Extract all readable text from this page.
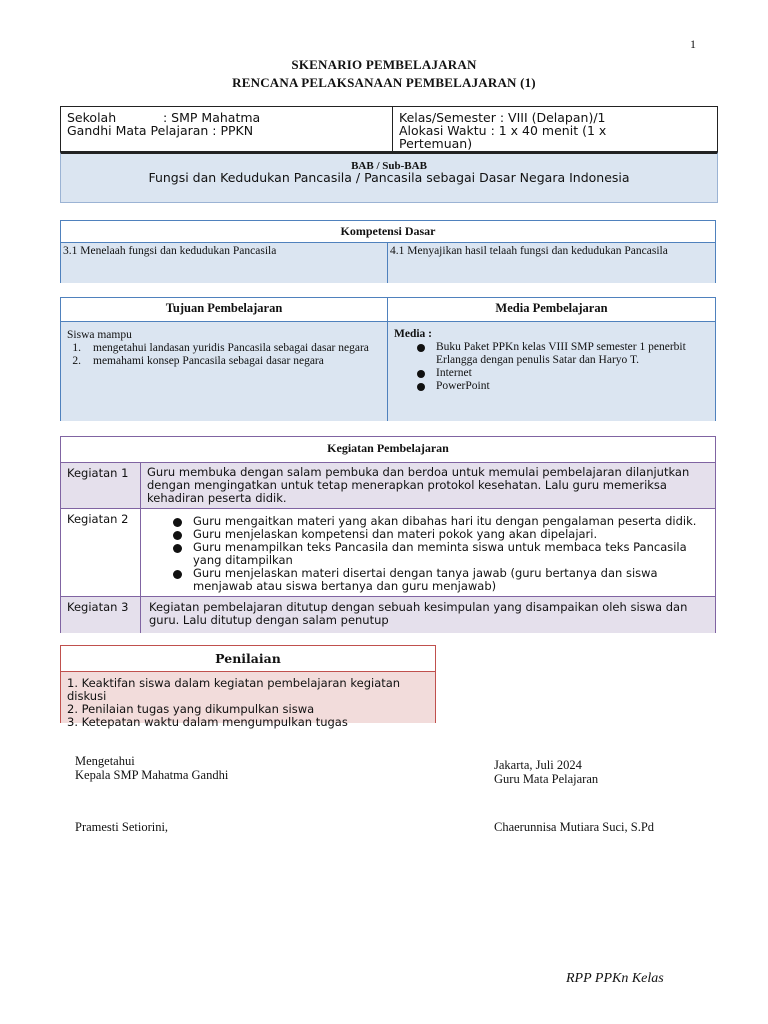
1
SKENARIO PEMBELAJARAN
RENCANA PELAKSANAAN PEMBELAJARAN (1)
Sekolah	: SMP Mahatma
Gandhi Mata Pelajaran : PPKN
Kelas/Semester : VIII (Delapan)/1
Alokasi Waktu : 1 x 40 menit (1 x
Pertemuan)
BAB / Sub-BAB
Fungsi dan Kedudukan Pancasila / Pancasila sebagai Dasar Negara Indonesia
Kompetensi Dasar
3.1 Menelaah fungsi dan kedudukan Pancasila	4.1 Menyajikan hasil telaah fungsi dan kedudukan Pancasila
Tujuan Pembelajaran	Media Pembelajaran
Siswa mampu
1.	mengetahui landasan yuridis Pancasila sebagai dasar negara
2.	memahami konsep Pancasila sebagai dasar negara
Media :
Buku Paket PPKn kelas VIII SMP semester 1 penerbit Erlangga dengan penulis Satar dan Haryo T.
Internet
PowerPoint
Kegiatan Pembelajaran
Kegiatan 1	Guru membuka dengan salam pembuka dan berdoa untuk memulai pembelajaran dilanjutkan dengan mengingatkan untuk tetap menerapkan protokol kesehatan. Lalu guru memeriksa kehadiran peserta didik.
Kegiatan 2	Guru mengaitkan materi yang akan dibahas hari itu dengan pengalaman peserta didik.
Guru menjelaskan kompetensi dan materi pokok yang akan dipelajari.
Guru menampilkan teks Pancasila dan meminta siswa untuk membaca teks Pancasila yang ditampilkan
Guru menjelaskan materi disertai dengan tanya jawab (guru bertanya dan siswa menjawab atau siswa bertanya dan guru menjawab)
Kegiatan 3	Kegiatan pembelajaran ditutup dengan sebuah kesimpulan yang disampaikan oleh siswa dan guru. Lalu ditutup dengan salam penutup
Penilaian
1. Keaktifan siswa dalam kegiatan pembelajaran kegiatan diskusi
2. Penilaian tugas yang dikumpulkan siswa
3. Ketepatan waktu dalam mengumpulkan tugas
Mengetahui
Kepala SMP Mahatma Gandhi
Jakarta, Juli 2024
Guru Mata Pelajaran
Pramesti Setiorini,	Chaerunnisa Mutiara Suci, S.Pd
RPP PPKn Kelas
